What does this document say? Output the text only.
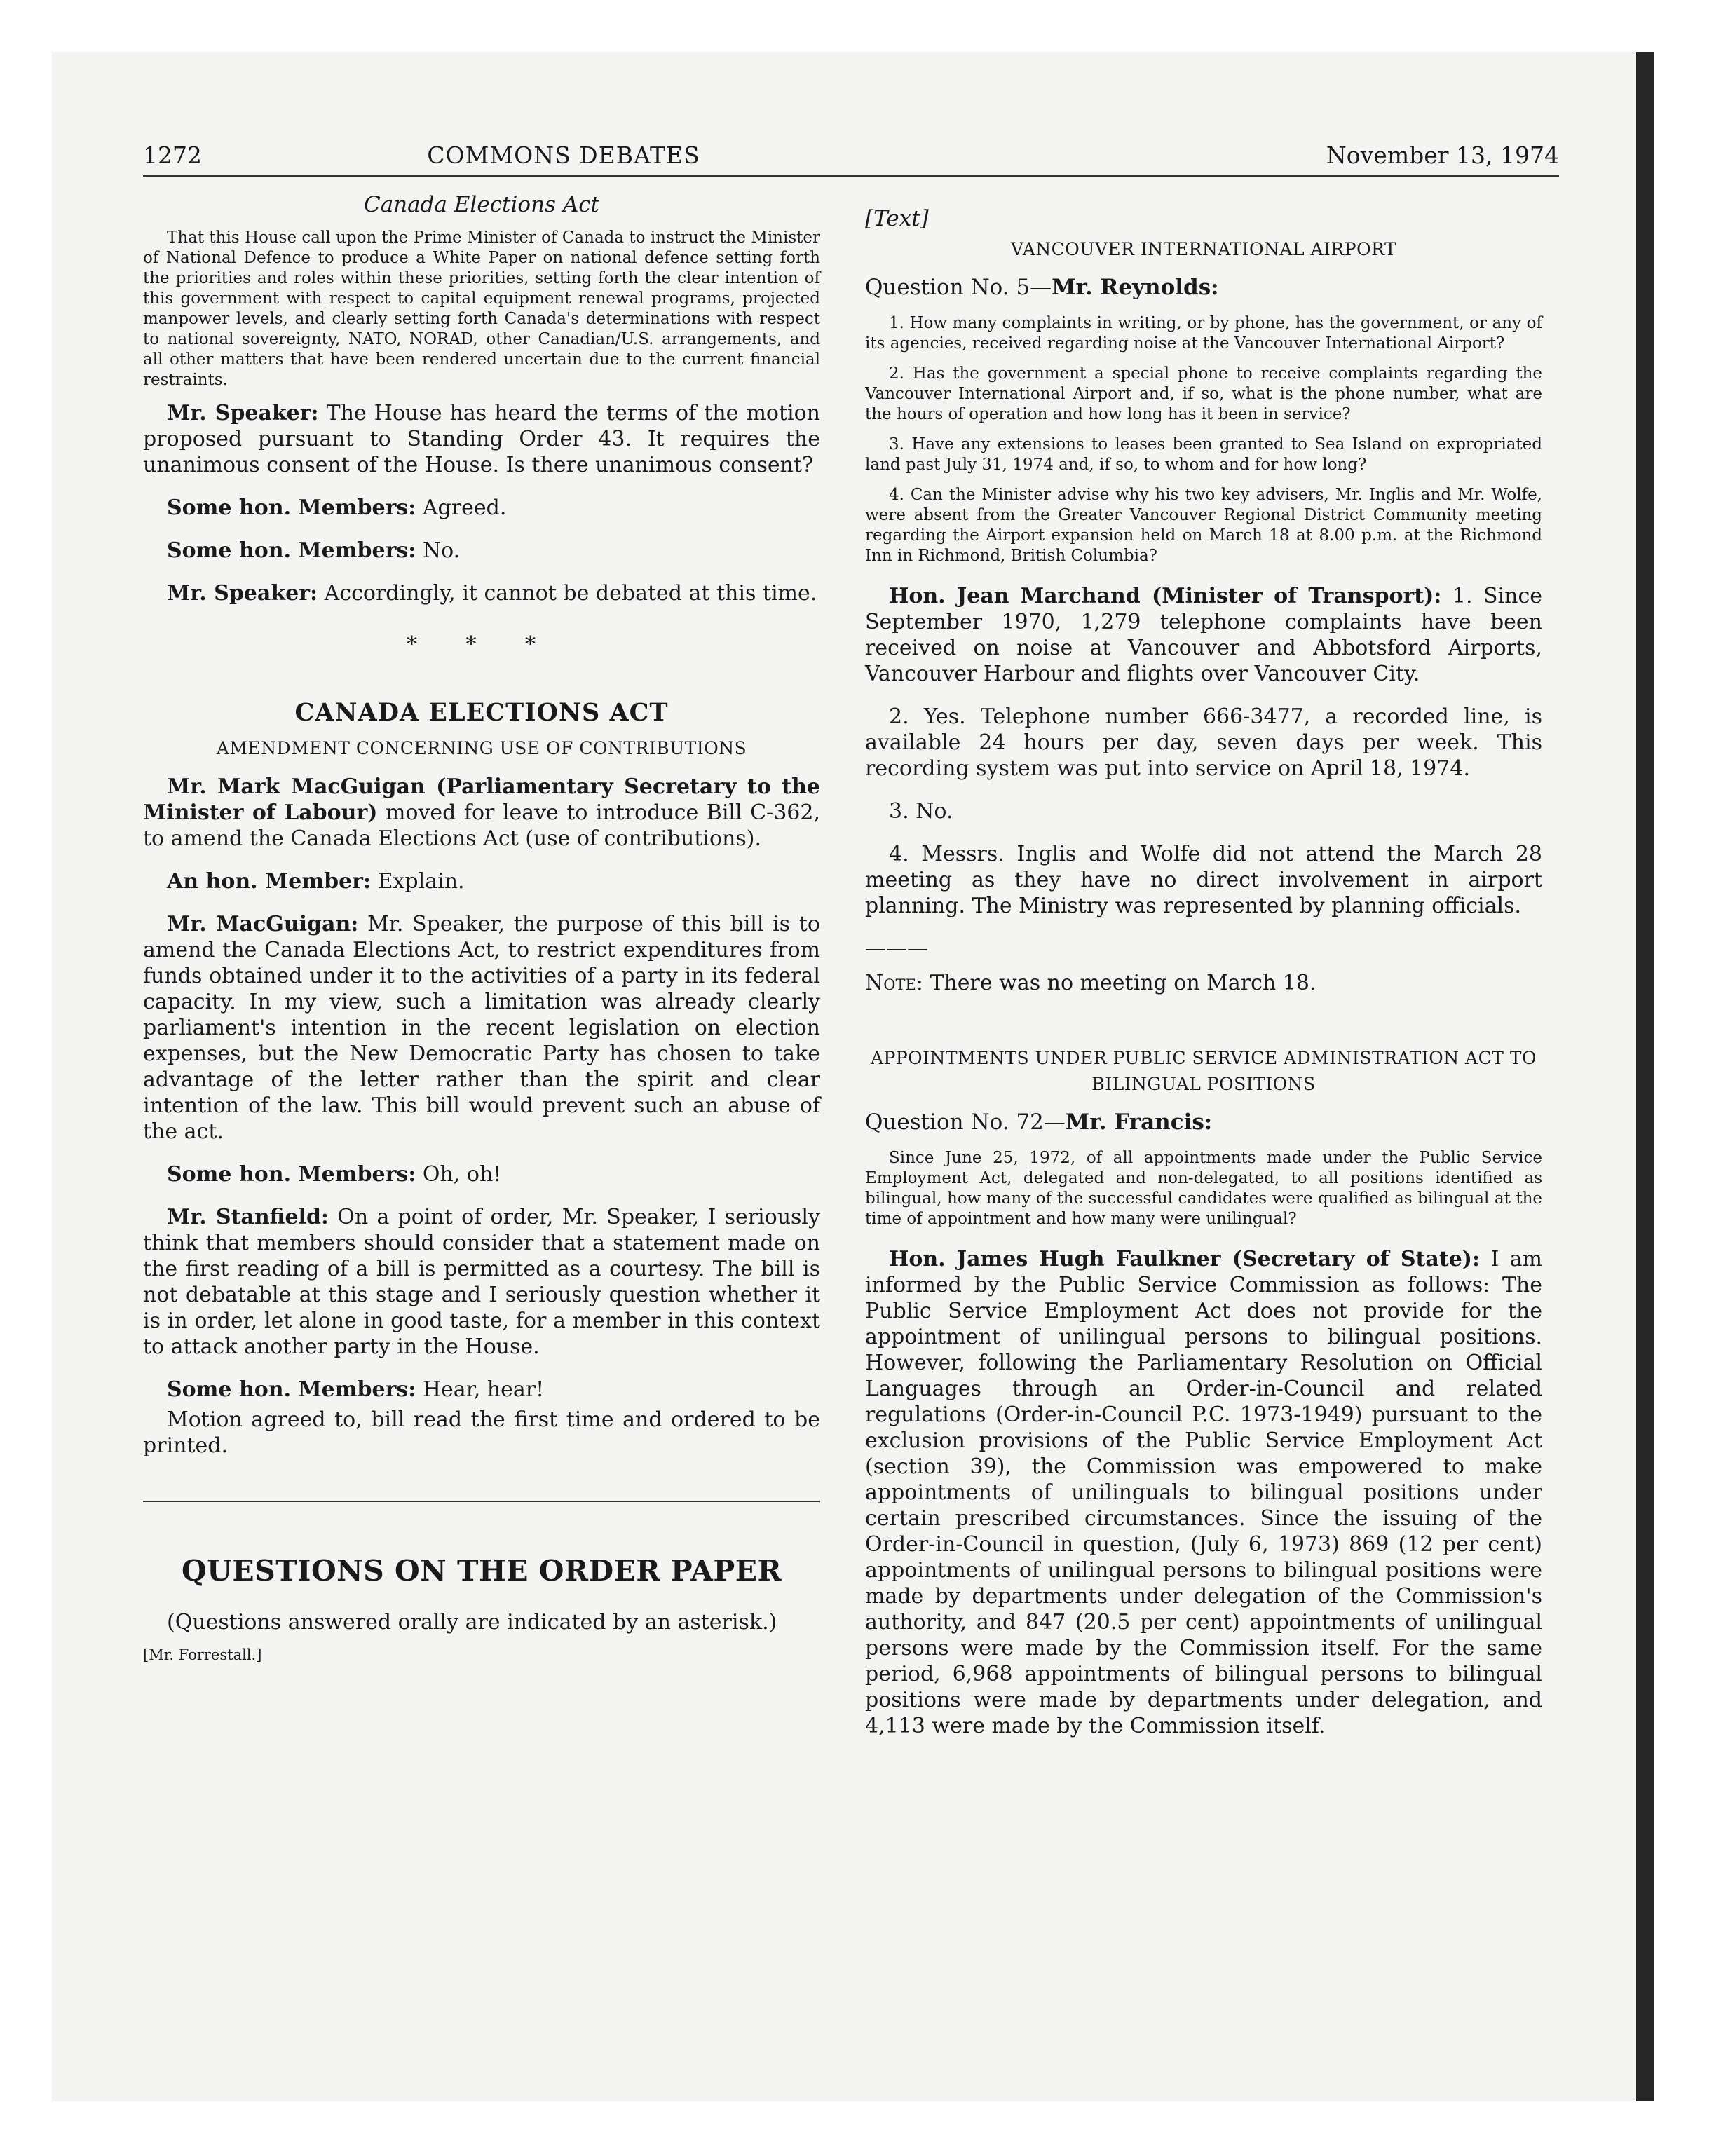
1272	COMMONS DEBATES	November 13, 1974
Canada Elections Act

That this House call upon the Prime Minister of Canada to instruct the Minister of National Defence to produce a White Paper on national defence setting forth the priorities and roles within these priorities, setting forth the clear intention of this government with respect to capital equipment renewal programs, projected manpower levels, and clearly setting forth Canada's determinations with respect to national sovereignty, NATO, NORAD, other Canadian/U.S. arrangements, and all other matters that have been rendered uncertain due to the current financial restraints.

Mr. Speaker: The House has heard the terms of the motion proposed pursuant to Standing Order 43. It requires the unanimous consent of the House. Is there unanimous consent?

Some hon. Members: Agreed.

Some hon. Members: No.

Mr. Speaker: Accordingly, it cannot be debated at this time.

* * *
CANADA ELECTIONS ACT
AMENDMENT CONCERNING USE OF CONTRIBUTIONS

Mr. Mark MacGuigan (Parliamentary Secretary to the Minister of Labour) moved for leave to introduce Bill C-362, to amend the Canada Elections Act (use of contributions).

An hon. Member: Explain.

Mr. MacGuigan: Mr. Speaker, the purpose of this bill is to amend the Canada Elections Act, to restrict expenditures from funds obtained under it to the activities of a party in its federal capacity. In my view, such a limitation was already clearly parliament's intention in the recent legislation on election expenses, but the New Democratic Party has chosen to take advantage of the letter rather than the spirit and clear intention of the law. This bill would prevent such an abuse of the act.

Some hon. Members: Oh, oh!

Mr. Stanfield: On a point of order, Mr. Speaker, I seriously think that members should consider that a statement made on the first reading of a bill is permitted as a courtesy. The bill is not debatable at this stage and I seriously question whether it is in order, let alone in good taste, for a member in this context to attack another party in the House.

Some hon. Members: Hear, hear!

Motion agreed to, bill read the first time and ordered to be printed.

QUESTIONS ON THE ORDER PAPER

(Questions answered orally are indicated by an asterisk.)

[Mr. Forrestall.]
[Text]
VANCOUVER INTERNATIONAL AIRPORT
Question No. 5—Mr. Reynolds:

1. How many complaints in writing, or by phone, has the government, or any of its agencies, received regarding noise at the Vancouver International Airport?

2. Has the government a special phone to receive complaints regarding the Vancouver International Airport and, if so, what is the phone number, what are the hours of operation and how long has it been in service?

3. Have any extensions to leases been granted to Sea Island on expropriated land past July 31, 1974 and, if so, to whom and for how long?

4. Can the Minister advise why his two key advisers, Mr. Inglis and Mr. Wolfe, were absent from the Greater Vancouver Regional District Community meeting regarding the Airport expansion held on March 18 at 8.00 p.m. at the Richmond Inn in Richmond, British Columbia?

Hon. Jean Marchand (Minister of Transport): 1. Since September 1970, 1,279 telephone complaints have been received on noise at Vancouver and Abbotsford Airports, Vancouver Harbour and flights over Vancouver City.

2. Yes. Telephone number 666-3477, a recorded line, is available 24 hours per day, seven days per week. This recording system was put into service on April 18, 1974.

3. No.

4. Messrs. Inglis and Wolfe did not attend the March 28 meeting as they have no direct involvement in airport planning. The Ministry was represented by planning officials.

———

Note: There was no meeting on March 18.

APPOINTMENTS UNDER PUBLIC SERVICE ADMINISTRATION ACT TO BILINGUAL POSITIONS
Question No. 72—Mr. Francis:

Since June 25, 1972, of all appointments made under the Public Service Employment Act, delegated and non-delegated, to all positions identified as bilingual, how many of the successful candidates were qualified as bilingual at the time of appointment and how many were unilingual?

Hon. James Hugh Faulkner (Secretary of State): I am informed by the Public Service Commission as follows: The Public Service Employment Act does not provide for the appointment of unilingual persons to bilingual positions. However, following the Parliamentary Resolution on Official Languages through an Order-in-Council and related regulations (Order-in-Council P.C. 1973-1949) pursuant to the exclusion provisions of the Public Service Employment Act (section 39), the Commission was empowered to make appointments of unilinguals to bilingual positions under certain prescribed circumstances. Since the issuing of the Order-in-Council in question, (July 6, 1973) 869 (12 per cent) appointments of unilingual persons to bilingual positions were made by departments under delegation of the Commission's authority, and 847 (20.5 per cent) appointments of unilingual persons were made by the Commission itself. For the same period, 6,968 appointments of bilingual persons to bilingual positions were made by departments under delegation, and 4,113 were made by the Commission itself.
